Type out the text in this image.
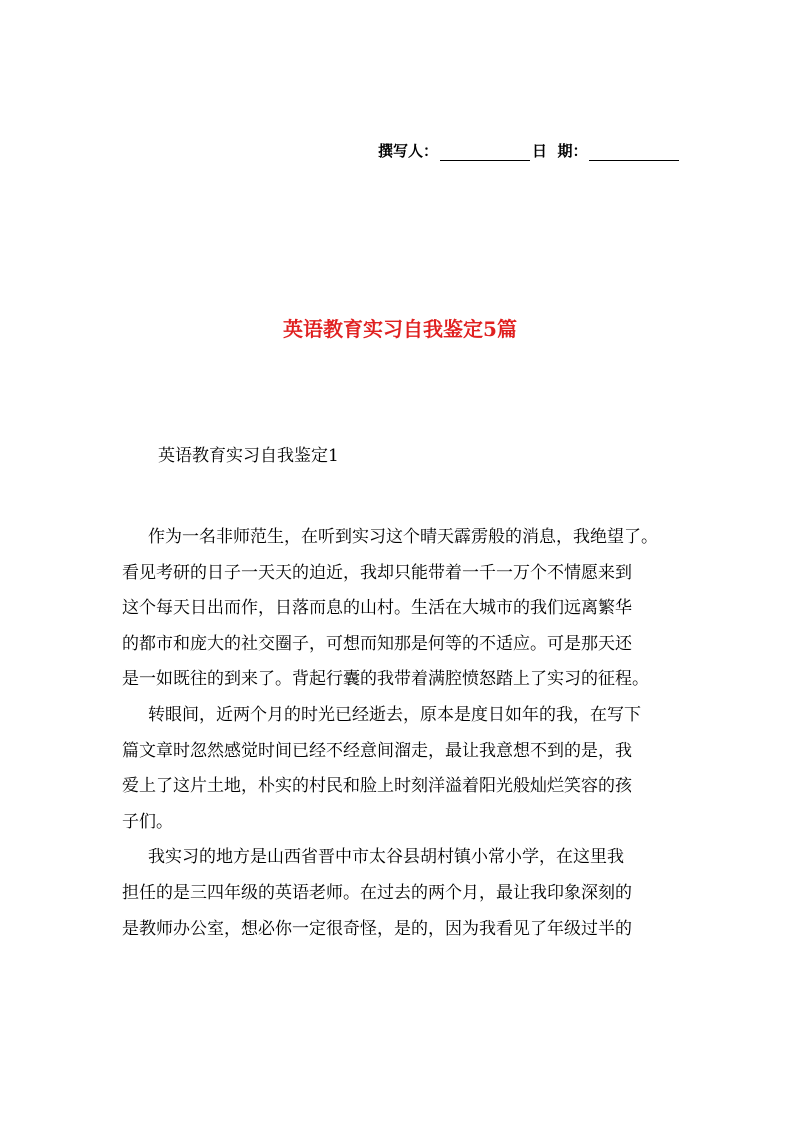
撰写人：	日  期：
英语教育实习自我鉴定5篇
英语教育实习自我鉴定1

作为一名非师范生，在听到实习这个晴天霹雳般的消息，我绝望了。
看见考研的日子一天天的迫近，我却只能带着一千一万个不情愿来到
这个每天日出而作，日落而息的山村。生活在大城市的我们远离繁华
的都市和庞大的社交圈子，可想而知那是何等的不适应。可是那天还
是一如既往的到来了。背起行囊的我带着满腔愤怒踏上了实习的征程。

转眼间，近两个月的时光已经逝去，原本是度日如年的我，在写下
篇文章时忽然感觉时间已经不经意间溜走，最让我意想不到的是，我
爱上了这片土地，朴实的村民和脸上时刻洋溢着阳光般灿烂笑容的孩
子们。

我实习的地方是山西省晋中市太谷县胡村镇小常小学，在这里我
担任的是三四年级的英语老师。在过去的两个月，最让我印象深刻的
是教师办公室，想必你一定很奇怪，是的，因为我看见了年级过半的
